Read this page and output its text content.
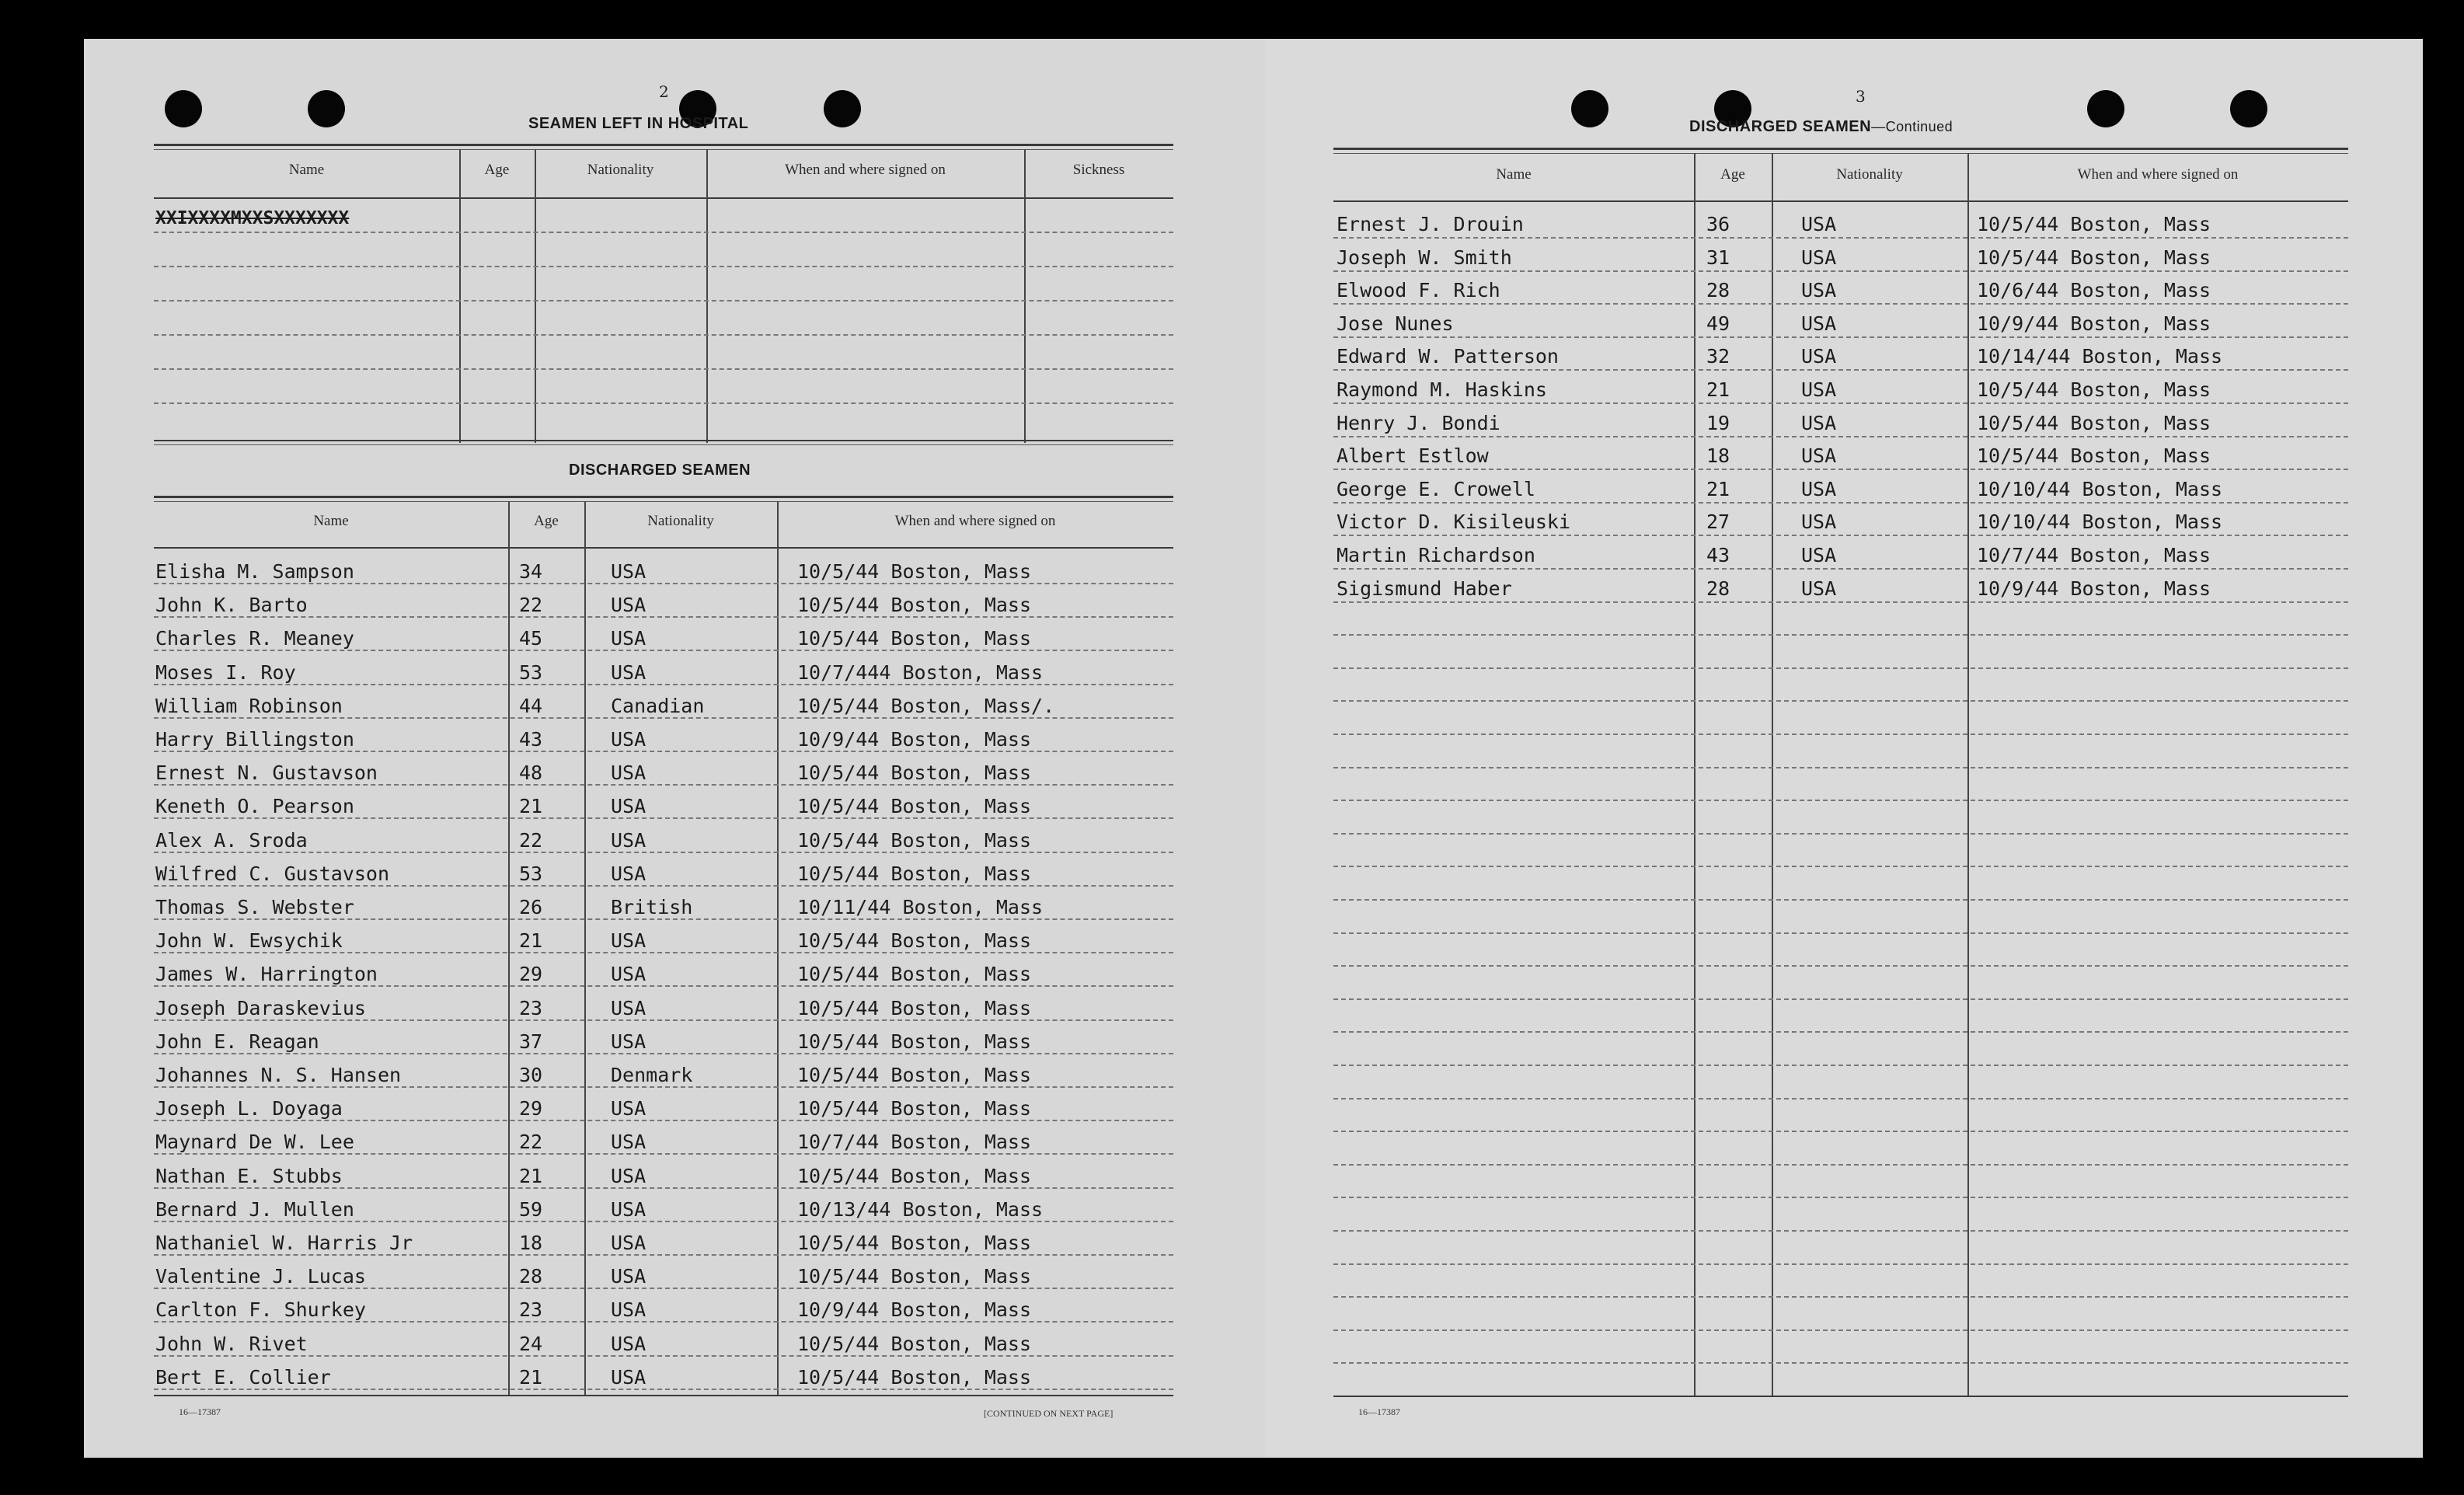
2
SEAMEN LEFT IN HOSPITAL
Name	Age	Nationality	When and where signed on	Sickness
XXIXXXXMXXSXXXXXXX
DISCHARGED SEAMEN
Name	Age	Nationality	When and where signed on
Elisha M. Sampson	34	USA	10/5/44 Boston, Mass
John K. Barto	22	USA	10/5/44 Boston, Mass
Charles R. Meaney	45	USA	10/5/44 Boston, Mass
Moses I. Roy	53	USA	10/7/444 Boston, Mass
William Robinson	44	Canadian	10/5/44 Boston, Mass/.
Harry Billingston	43	USA	10/9/44 Boston, Mass
Ernest N. Gustavson	48	USA	10/5/44 Boston, Mass
Keneth O. Pearson	21	USA	10/5/44 Boston, Mass
Alex A. Sroda	22	USA	10/5/44 Boston, Mass
Wilfred C. Gustavson	53	USA	10/5/44 Boston, Mass
Thomas S. Webster	26	British	10/11/44 Boston, Mass
John W. Ewsychik	21	USA	10/5/44 Boston, Mass
James W. Harrington	29	USA	10/5/44 Boston, Mass
Joseph Daraskevius	23	USA	10/5/44 Boston, Mass
John E. Reagan	37	USA	10/5/44 Boston, Mass
Johannes N. S. Hansen	30	Denmark	10/5/44 Boston, Mass
Joseph L. Doyaga	29	USA	10/5/44 Boston, Mass
Maynard De W. Lee	22	USA	10/7/44 Boston, Mass
Nathan E. Stubbs	21	USA	10/5/44 Boston, Mass
Bernard J. Mullen	59	USA	10/13/44 Boston, Mass
Nathaniel W. Harris Jr	18	USA	10/5/44 Boston, Mass
Valentine J. Lucas	28	USA	10/5/44 Boston, Mass
Carlton F. Shurkey	23	USA	10/9/44 Boston, Mass
John W. Rivet	24	USA	10/5/44 Boston, Mass
Bert E. Collier	21	USA	10/5/44 Boston, Mass
16—17387	[CONTINUED ON NEXT PAGE]
3
DISCHARGED SEAMEN—Continued
Name	Age	Nationality	When and where signed on
Ernest J. Drouin	36	USA	10/5/44 Boston, Mass
Joseph W. Smith	31	USA	10/5/44 Boston, Mass
Elwood F. Rich	28	USA	10/6/44 Boston, Mass
Jose Nunes	49	USA	10/9/44 Boston, Mass
Edward W. Patterson	32	USA	10/14/44 Boston, Mass
Raymond M. Haskins	21	USA	10/5/44 Boston, Mass
Henry J. Bondi	19	USA	10/5/44 Boston, Mass
Albert Estlow	18	USA	10/5/44 Boston, Mass
George E. Crowell	21	USA	10/10/44 Boston, Mass
Victor D. Kisileuski	27	USA	10/10/44 Boston, Mass
Martin Richardson	43	USA	10/7/44 Boston, Mass
Sigismund Haber	28	USA	10/9/44 Boston, Mass
16—17387
